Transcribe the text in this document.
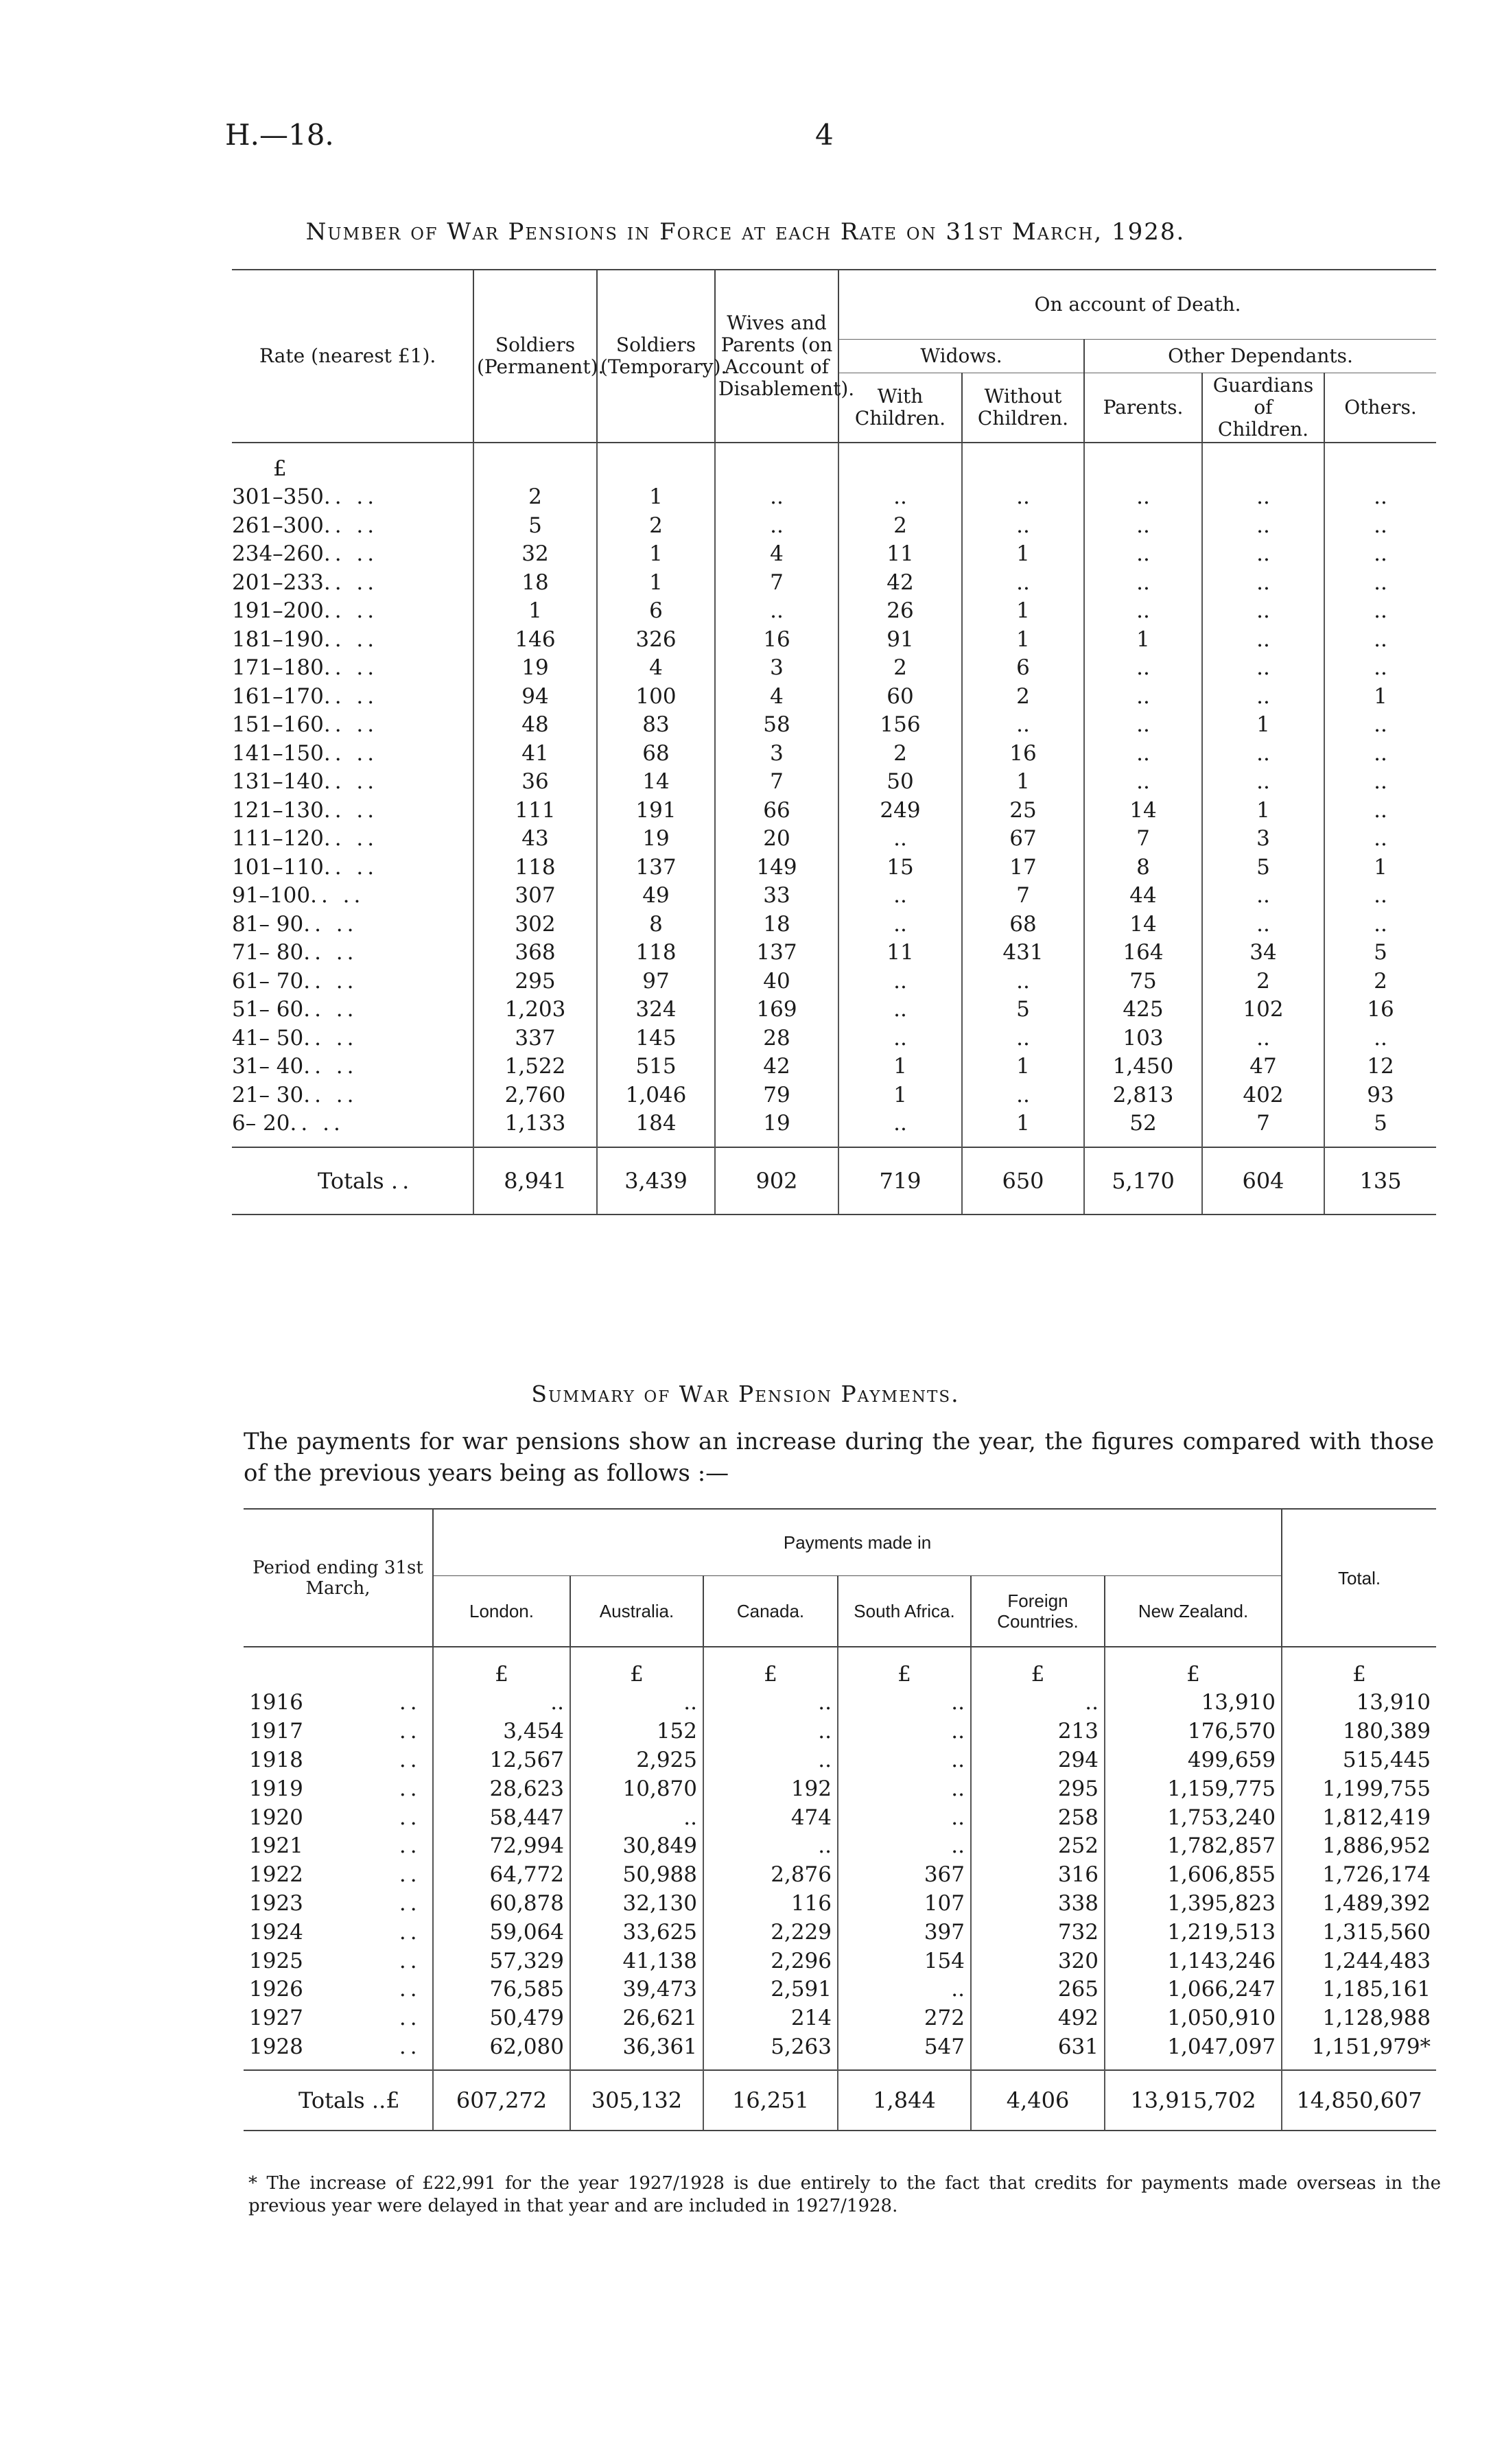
H.—18.	4
Number of War Pensions in Force at each Rate on 31st March, 1928.
Rate (nearest £1).	Soldiers (Permanent).	Soldiers (Temporary).	Wives and Parents (on Account of Disablement).	On account of Death.				
				Widows.		Other Dependants.		
				With Children.	Without Children.	Parents.	Guardians of Children.	Others.
£								
301–350.. ..	2	1	..	..	..	..	..	..
261–300.. ..	5	2	..	2	..	..	..	..
234–260.. ..	32	1	4	11	1	..	..	..
201–233.. ..	18	1	7	42	..	..	..	..
191–200.. ..	1	6	..	26	1	..	..	..
181–190.. ..	146	326	16	91	1	1	..	..
171–180.. ..	19	4	3	2	6	..	..	..
161–170.. ..	94	100	4	60	2	..	..	1
151–160.. ..	48	83	58	156	..	..	1	..
141–150.. ..	41	68	3	2	16	..	..	..
131–140.. ..	36	14	7	50	1	..	..	..
121–130.. ..	111	191	66	249	25	14	1	..
111–120.. ..	43	19	20	..	67	7	3	..
101–110.. ..	118	137	149	15	17	8	5	1
91–100.. ..	307	49	33	..	7	44	..	..
81– 90.. ..	302	8	18	..	68	14	..	..
71– 80.. ..	368	118	137	11	431	164	34	5
61– 70.. ..	295	97	40	..	..	75	2	2
51– 60.. ..	1,203	324	169	..	5	425	102	16
41– 50.. ..	337	145	28	..	..	103	..	..
31– 40.. ..	1,522	515	42	1	1	1,450	47	12
21– 30.. ..	2,760	1,046	79	1	..	2,813	402	93
6– 20.. ..	1,133	184	19	..	1	52	7	5

Totals ..	8,941	3,439	902	719	650	5,170	604	135
Summary of War Pension Payments.
The payments for war pensions show an increase during the year, the figures compared with those of the previous years being as follows :—
Period ending 31st March,	Payments made in						Total.
	London.	Australia.	Canada.	South Africa.	Foreign Countries.	New Zealand.	
	£	£	£	£	£	£	£
1916 ..	..	..	..	..	..	13,910	13,910
1917 ..	3,454	152	..	..	213	176,570	180,389
1918 ..	12,567	2,925	..	..	294	499,659	515,445
1919 ..	28,623	10,870	192	..	295	1,159,775	1,199,755
1920 ..	58,447	..	474	..	258	1,753,240	1,812,419
1921 ..	72,994	30,849	..	..	252	1,782,857	1,886,952
1922 ..	64,772	50,988	2,876	367	316	1,606,855	1,726,174
1923 ..	60,878	32,130	116	107	338	1,395,823	1,489,392
1924 ..	59,064	33,625	2,229	397	732	1,219,513	1,315,560
1925 ..	57,329	41,138	2,296	154	320	1,143,246	1,244,483
1926 ..	76,585	39,473	2,591	..	265	1,066,247	1,185,161
1927 ..	50,479	26,621	214	272	492	1,050,910	1,128,988
1928 ..	62,080	36,361	5,263	547	631	1,047,097	1,151,979*

Totals ..£	607,272	305,132	16,251	1,844	4,406	13,915,702	14,850,607
* The increase of £22,991 for the year 1927/1928 is due entirely to the fact that credits for payments made overseas in the previous year were delayed in that year and are included in 1927/1928.
